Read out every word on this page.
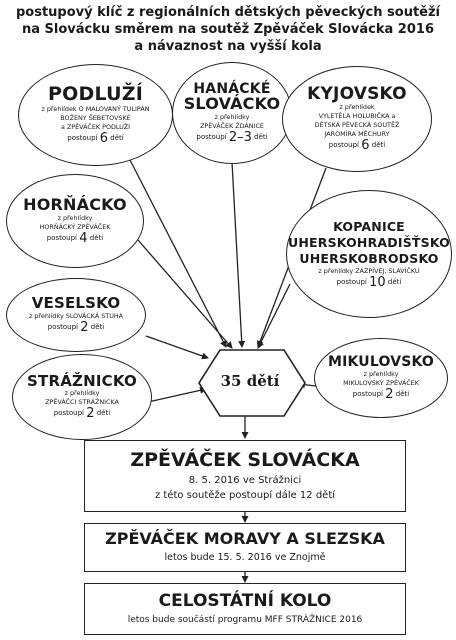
postupový klíč z regionálních dětských pěveckých soutěží
na Slovácku směrem na soutěž Zpěváček Slovácka 2016
a návaznost na vyšší kola
35 dětí
PODLUŽÍ
z přehlídek O MALOVANÝ TULIPÁN
BOŽENY ŠEBETOVSKÉ
a ZPĚVÁČEK PODLUŽÍ
postoupí 6 dětí
HANÁCKÉ
SLOVÁCKO
z přehlídky
ZPĚVÁČEK ŽDÁNICE
postoupí 2–3 děti
KYJOVSKO
z přehlídek
VYLETĚLA HOLUBIČKA a
DĚTSKÁ PĚVECKÁ SOUTĚŽ
JAROMÍRA MĚCHURY
postoupí 6 dětí
HORŇÁCKO
z přehlídky
HORŇÁCKÝ ZPĚVÁČEK
postoupí 4 děti
KOPANICE
UHERSKOHRADIŠŤSKO
UHERSKOBRODSKO
z přehlídky ZAZPÍVEJ, SLAVÍČKU
postoupí 10 dětí
VESELSKO
z přehlídky SLOVÁCKÁ STUHA
postoupí 2 děti
STRÁŽNICKO
z přehlídky
ZPĚVÁČCI STRÁŽNICKA
postoupí 2 děti
MIKULOVSKO
z přehlídky
MIKULOVSKÝ ZPĚVÁČEK
postoupí 2 děti
ZPĚVÁČEK SLOVÁCKA
8. 5. 2016 ve Strážnici
z této soutěže postoupí dále 12 dětí
ZPĚVÁČEK MORAVY A SLEZSKA
letos bude 15. 5. 2016 ve Znojmě
CELOSTÁTNÍ KOLO
letos bude součástí programu MFF STRÁŽNICE 2016
